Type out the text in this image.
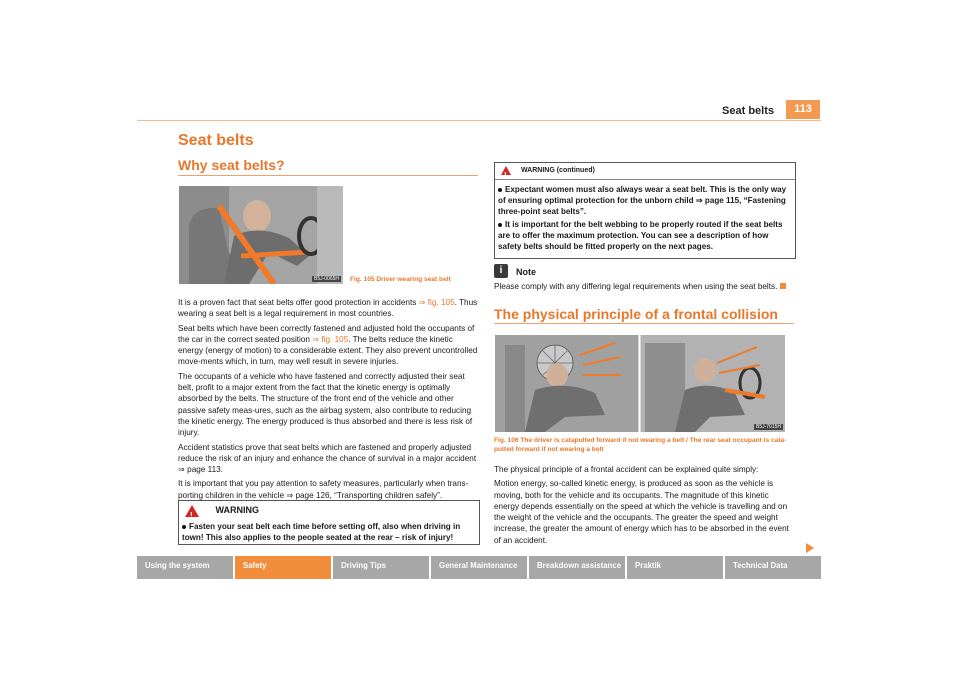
Seat belts	113
Seat belts
Why seat belts?
B5J-0065H	Fig. 105 Driver wearing seat belt

It is a proven fact that seat belts offer good protection in accidents ⇒ fig. 105. Thus wearing a seat belt is a legal requirement in most countries.

Seat belts which have been correctly fastened and adjusted hold the occupants of the car in the correct seated position ⇒ fig. 105. The belts reduce the kinetic energy (energy of motion) to a considerable extent. They also prevent uncontrolled move-ments which, in turn, may well result in severe injuries.

The occupants of a vehicle who have fastened and correctly adjusted their seat belt, profit to a major extent from the fact that the kinetic energy is optimally absorbed by the belts. The structure of the front end of the vehicle and other passive safety meas-ures, such as the airbag system, also contribute to reducing the kinetic energy. The energy produced is thus absorbed and there is less risk of injury.

Accident statistics prove that seat belts which are fastened and properly adjusted reduce the risk of an injury and enhance the chance of survival in a major accident ⇒ page 113.

It is important that you pay attention to safety measures, particularly when trans-porting children in the vehicle ⇒ page 126, “Transporting children safely”.

! WARNING
Fasten your seat belt each time before setting off, also when driving in town! This also applies to the people seated at the rear – risk of injury!
! WARNING (continued)
Expectant women must also always wear a seat belt. This is the only way of ensuring optimal protection for the unborn child ⇒ page 115, “Fastening three-point seat belts”.
It is important for the belt webbing to be properly routed if the seat belts are to offer the maximum protection. You can see a description of how safety belts should be fitted properly on the next pages.
i	Note
Please comply with any differing legal requirements when using the seat belts.
The physical principle of a frontal collision
B5J-7015H
Fig. 106 The driver is catapulted forward if not wearing a belt / The rear seat occupant is cata-pulted forward if not wearing a belt

The physical principle of a frontal accident can be explained quite simply:

Motion energy, so-called kinetic energy, is produced as soon as the vehicle is moving, both for the vehicle and its occupants. The magnitude of this kinetic energy depends essentially on the speed at which the vehicle is travelling and on the weight of the vehicle and the occupants. The greater the speed and weight increase, the greater the amount of energy which has to be absorbed in the event of an accident.

Using the system	Safety	Driving Tips	General Maintenance	Breakdown assistance	Praktik	Technical Data
